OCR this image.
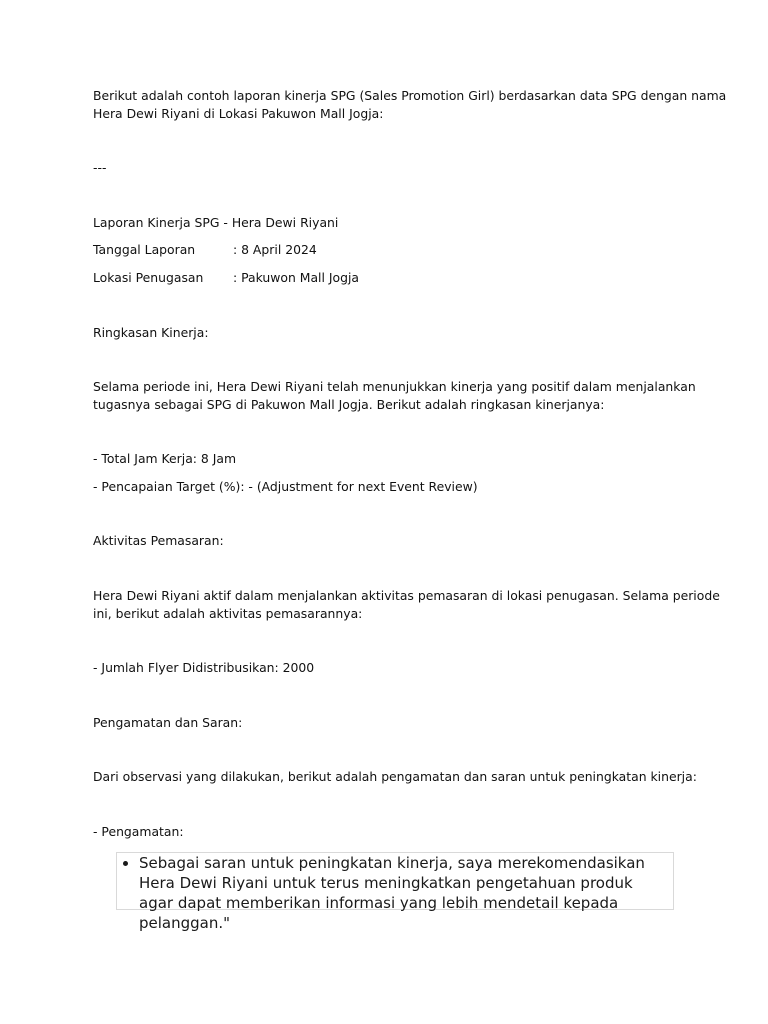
Berikut adalah contoh laporan kinerja SPG (Sales Promotion Girl) berdasarkan data SPG dengan nama

Hera Dewi Riyani di Lokasi Pakuwon Mall Jogja:

---

Laporan Kinerja SPG - Hera Dewi Riyani

Tanggal Laporan	: 8 April 2024

Lokasi Penugasan : Pakuwon Mall Jogja

Ringkasan Kinerja:

Selama periode ini, Hera Dewi Riyani telah menunjukkan kinerja yang positif dalam menjalankan

tugasnya sebagai SPG di Pakuwon Mall Jogja. Berikut adalah ringkasan kinerjanya:

- Total Jam Kerja: 8 Jam

- Pencapaian Target (%): - (Adjustment for next Event Review)

Aktivitas Pemasaran:

Hera Dewi Riyani aktif dalam menjalankan aktivitas pemasaran di lokasi penugasan. Selama periode

ini, berikut adalah aktivitas pemasarannya:

- Jumlah Flyer Didistribusikan: 2000

Pengamatan dan Saran:

Dari observasi yang dilakukan, berikut adalah pengamatan dan saran untuk peningkatan kinerja:

- Pengamatan:

• Sebagai saran untuk peningkatan kinerja, saya merekomendasikan Hera Dewi Riyani untuk terus meningkatkan pengetahuan produk agar dapat memberikan informasi yang lebih mendetail kepada pelanggan."
